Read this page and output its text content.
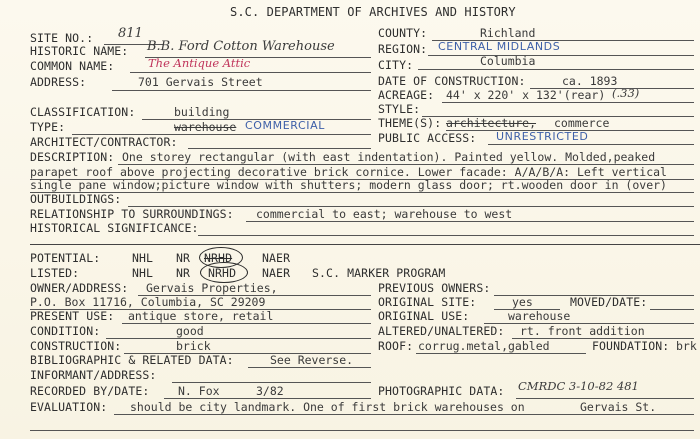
S.C. DEPARTMENT OF ARCHIVES AND HISTORY
SITE NO.: 811
HISTORIC NAME: B.B. Ford Cotton Warehouse
COMMON NAME:	The Antique Attic
ADDRESS:	701 Gervais Street
COUNTY:	Richland
REGION: CENTRAL MIDLANDS
CITY:	Columbia
DATE OF CONSTRUCTION:	ca. 1893
ACREAGE: 44' x 220' x 132'(rear) (.33)
STYLE:
CLASSIFICATION:	building
TYPE:	warehouse COMMERCIAL	THEME(S): architecture, commerce
ARCHITECT/CONTRACTOR:	PUBLIC ACCESS: UNRESTRICTED
DESCRIPTION: One storey rectangular (with east indentation). Painted yellow. Molded,peaked
parapet roof above projecting decorative brick cornice. Lower facade: A/A/B/A: Left vertical
single pane window;picture window with shutters; modern glass door; rt.wooden door in (over)
OUTBUILDINGS:
RELATIONSHIP TO SURROUNDINGS: commercial to east; warehouse to west
HISTORICAL SIGNIFICANCE:
POTENTIAL:	NHL NR NRHD	NAER
LISTED:	NHL NR NRHD NAER S.C. MARKER PROGRAM
OWNER/ADDRESS: Gervais Properties,
P.O. Box 11716, Columbia, SC 29209
PRESENT USE: antique store, retail
CONDITION:	good
CONSTRUCTION:	brick
BIBLIOGRAPHIC & RELATED DATA:	See Reverse.
INFORMANT/ADDRESS:
RECORDED BY/DATE: N. Fox	3/82
EVALUATION: should be city landmark. One of first brick warehouses on	Gervais St.
PREVIOUS OWNERS:
ORIGINAL SITE:	yes	MOVED/DATE:
ORIGINAL USE:	warehouse
ALTERED/UNALTERED: rt. front addition
ROOF: corrug.metal,gabled	FOUNDATION: brk
PHOTOGRAPHIC DATA: CMRDC 3-10-82 481
